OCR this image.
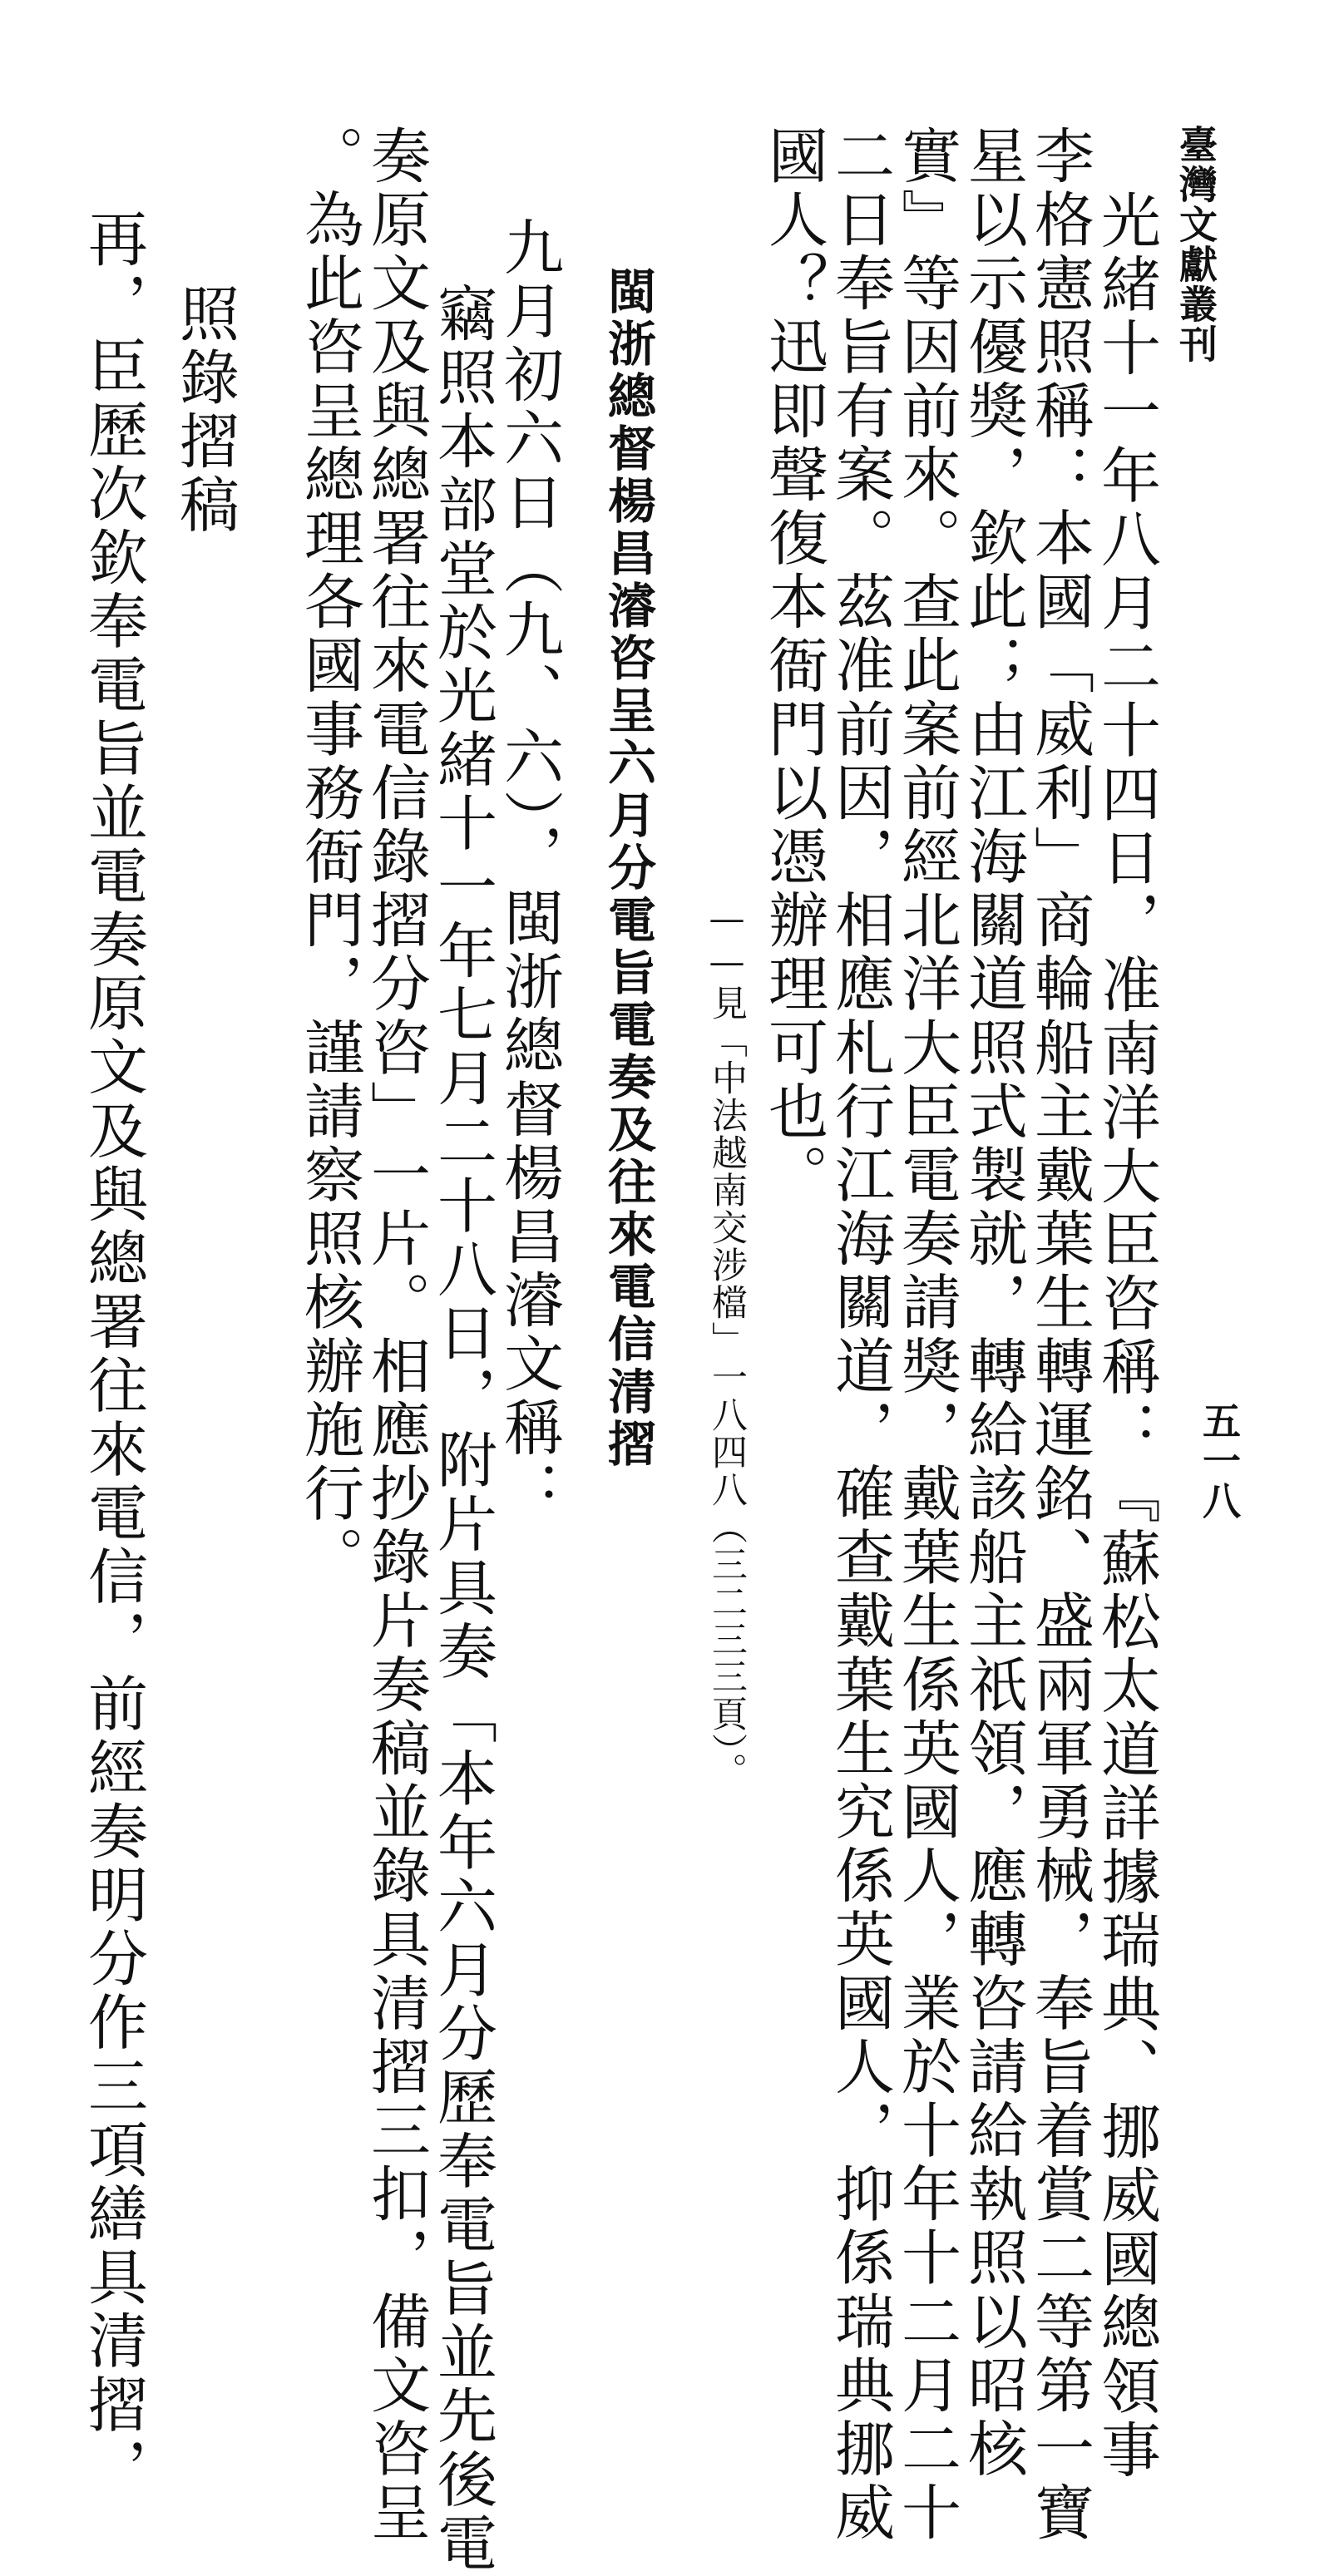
臺灣文獻叢刊
五一八
光緒十一年八月二十四日，准南洋大臣咨稱：『蘇松太道詳據瑞典、挪威國總領事
李格憲照稱：本國「威利」商輪船主戴葉生轉運銘、盛兩軍勇械，奉旨着賞二等第一寶
星以示優獎，欽此；由江海關道照式製就，轉給該船主祇領，應轉咨請給執照以昭核
實』等因前來。查此案前經北洋大臣電奏請獎，戴葉生係英國人，業於十年十二月二十
二日奉旨有案。茲准前因，相應札行江海關道，確查戴葉生究係英國人，抑係瑞典挪威
國人？迅即聲復本衙門以憑辦理可也。
——見「中法越南交涉檔」一八四八（三二三三頁）。
閩浙總督楊昌濬咨呈六月分電旨電奏及往來電信清摺
九月初六日（九、六），閩浙總督楊昌濬文稱：
竊照本部堂於光緒十一年七月二十八日，附片具奏「本年六月分歷奉電旨並先後電
奏原文及與總署往來電信錄摺分咨」一片。相應抄錄片奏稿並錄具清摺三扣，備文咨呈
。為此咨呈總理各國事務衙門，謹請察照核辦施行。
照錄摺稿
再，臣歷次欽奉電旨並電奏原文及與總署往來電信，前經奏明分作三項繕具清摺，
